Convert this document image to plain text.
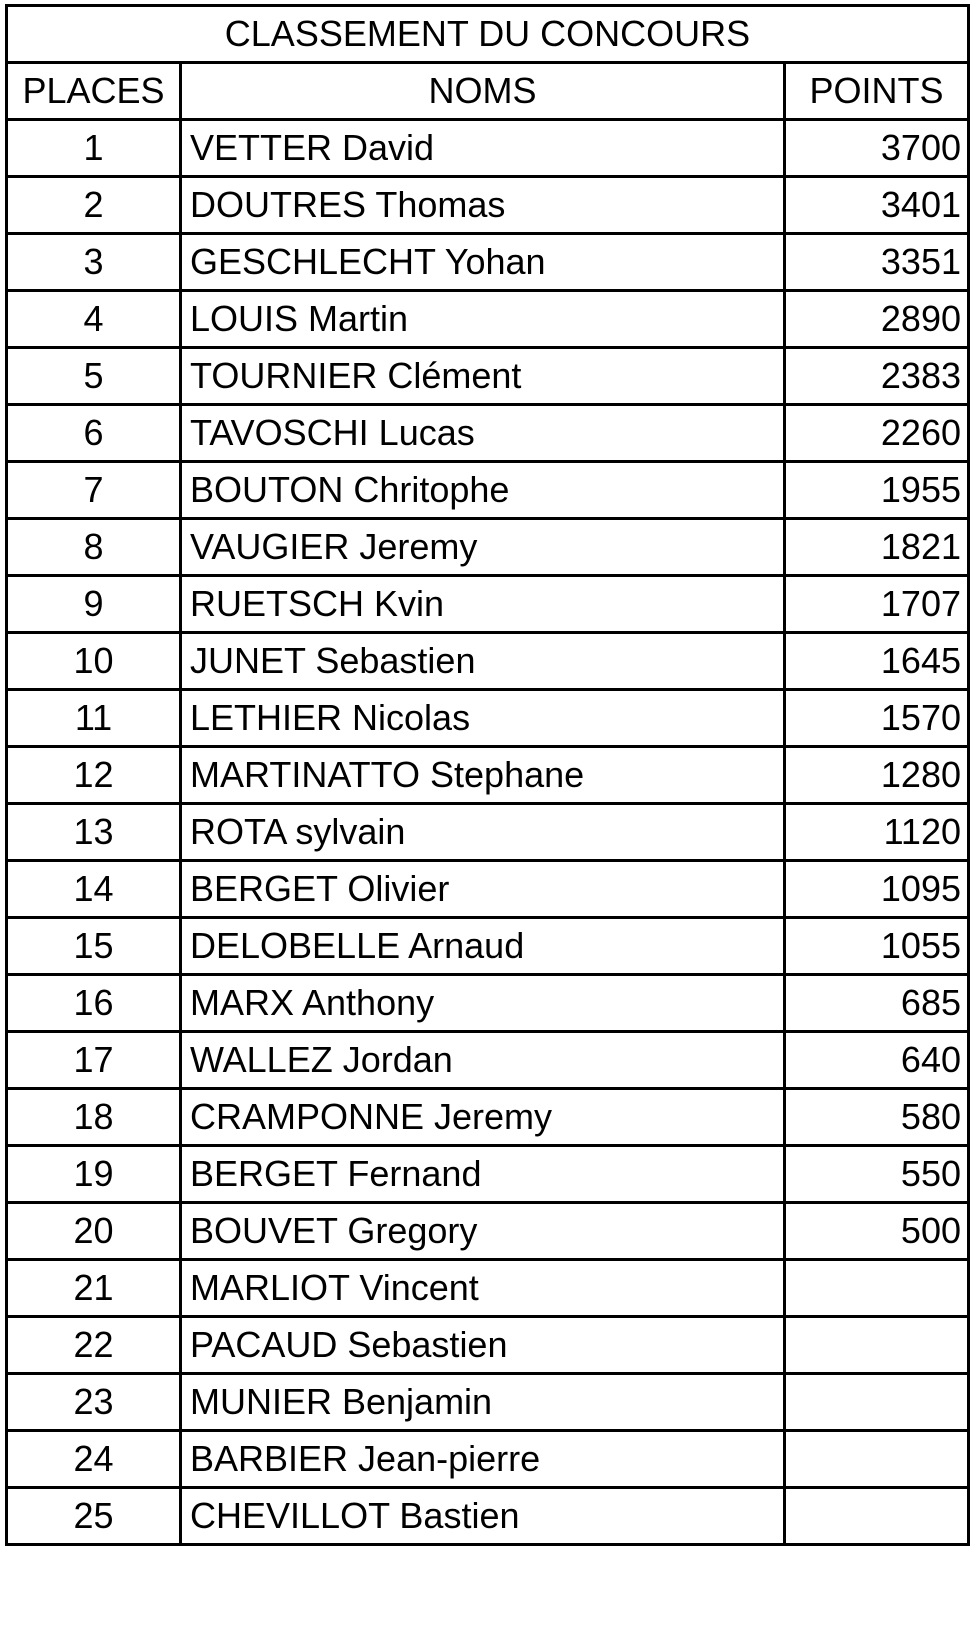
CLASSEMENT DU CONCOURS		
PLACES	NOMS	POINTS
1	VETTER David	3700
2	DOUTRES Thomas	3401
3	GESCHLECHT Yohan	3351
4	LOUIS Martin	2890
5	TOURNIER Clément	2383
6	TAVOSCHI Lucas	2260
7	BOUTON Chritophe	1955
8	VAUGIER Jeremy	1821
9	RUETSCH Kvin	1707
10	JUNET Sebastien	1645
11	LETHIER Nicolas	1570
12	MARTINATTO Stephane	1280
13	ROTA sylvain	1120
14	BERGET Olivier	1095
15	DELOBELLE Arnaud	1055
16	MARX Anthony	685
17	WALLEZ Jordan	640
18	CRAMPONNE Jeremy	580
19	BERGET Fernand	550
20	BOUVET Gregory	500
21	MARLIOT Vincent	
22	PACAUD Sebastien	
23	MUNIER Benjamin	
24	BARBIER Jean-pierre	
25	CHEVILLOT Bastien	
